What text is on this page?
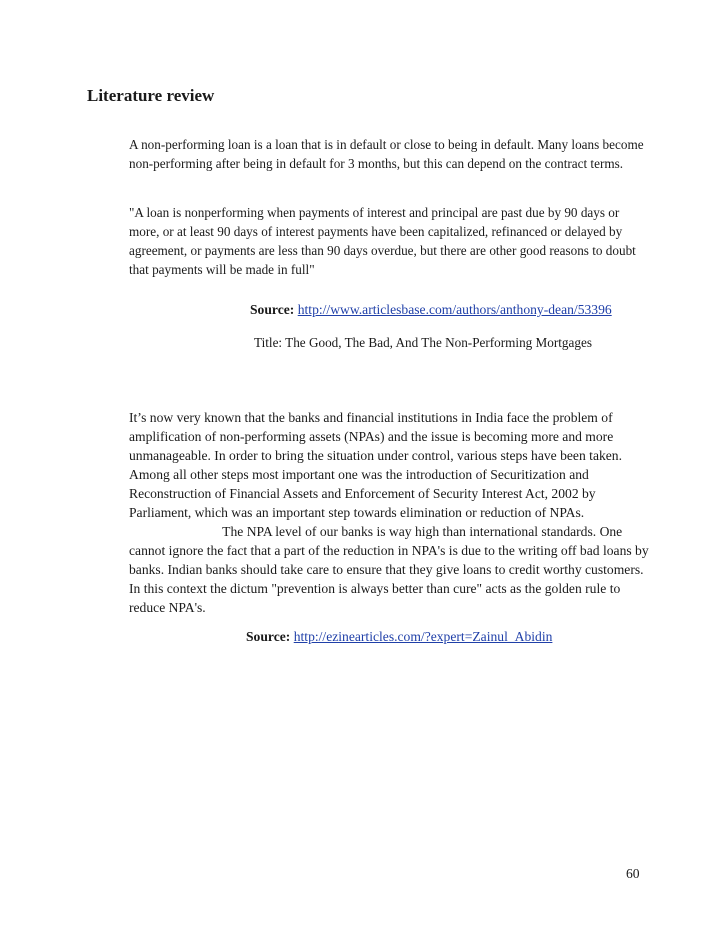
Literature review

A non-performing loan is a loan that is in default or close to being in default. Many loans become non-performing after being in default for 3 months, but this can depend on the contract terms.

"A loan is nonperforming when payments of interest and principal are past due by 90 days or more, or at least 90 days of interest payments have been capitalized, refinanced or delayed by agreement, or payments are less than 90 days overdue, but there are other good reasons to doubt that payments will be made in full"

Source: http://www.articlesbase.com/authors/anthony-dean/53396

Title: The Good, The Bad, And The Non-Performing Mortgages

It’s now very known that the banks and financial institutions in India face the problem of amplification of non-performing assets (NPAs) and the issue is becoming more and more unmanageable. In order to bring the situation under control, various steps have been taken. Among all other steps most important one was the introduction of Securitization and Reconstruction of Financial Assets and Enforcement of Security Interest Act, 2002 by Parliament, which was an important step towards elimination or reduction of NPAs.  The NPA level of our banks is way high than international standards. One cannot ignore the fact that a part of the reduction in NPA's is due to the writing off bad loans by banks. Indian banks should take care to ensure that they give loans to credit worthy customers. In this context the dictum "prevention is always better than cure" acts as the golden rule to reduce NPA's.

Source: http://ezinearticles.com/?expert=Zainul_Abidin

60
